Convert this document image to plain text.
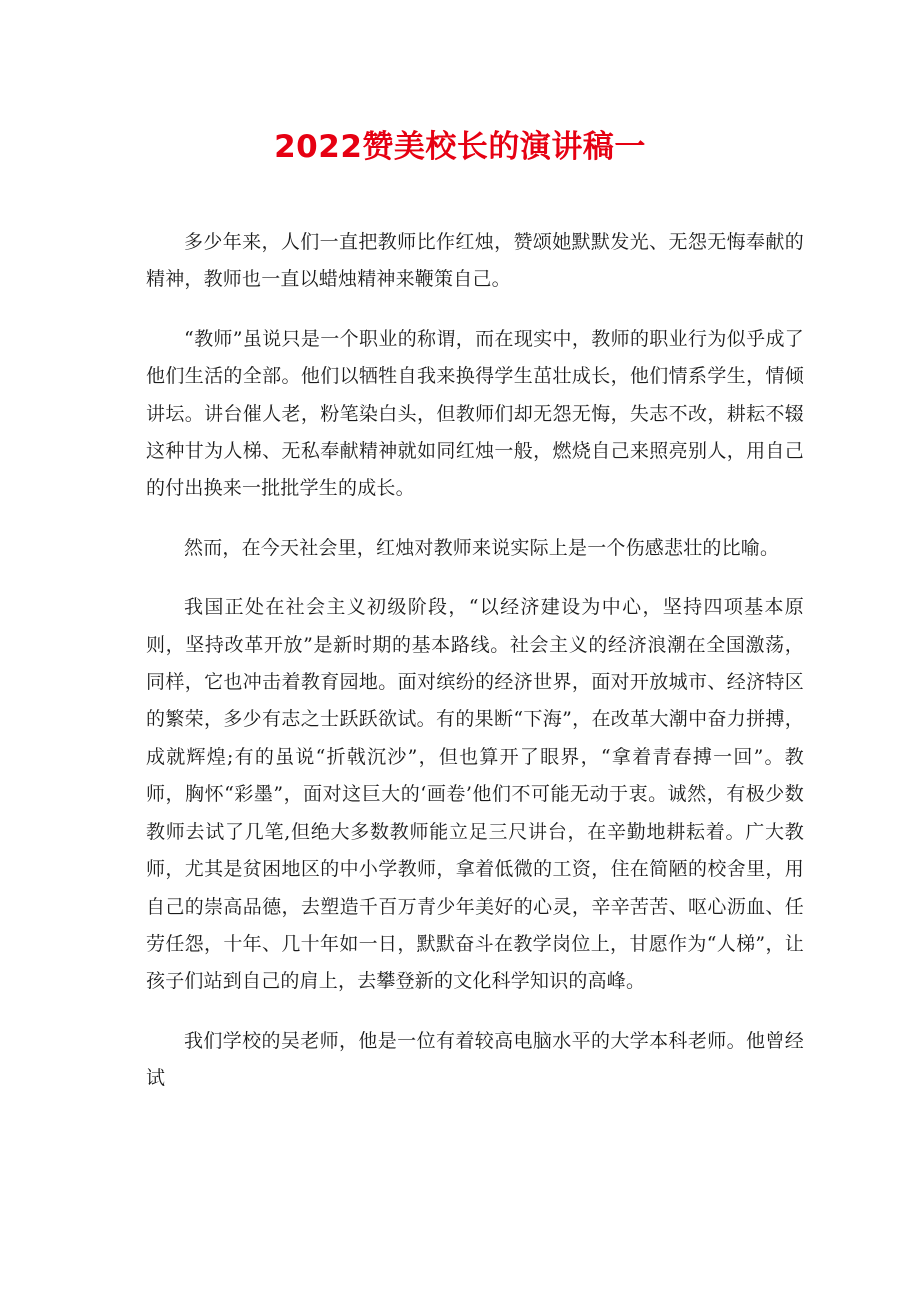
2022赞美校长的演讲稿一

多少年来，人们一直把教师比作红烛，赞颂她默默发光、无怨无悔奉献的精神，教师也一直以蜡烛精神来鞭策自己。

“教师”虽说只是一个职业的称谓，而在现实中，教师的职业行为似乎成了他们生活的全部。他们以牺牲自我来换得学生茁壮成长，他们情系学生，情倾讲坛。讲台催人老，粉笔染白头，但教师们却无怨无悔，失志不改，耕耘不辍这种甘为人梯、无私奉献精神就如同红烛一般，燃烧自己来照亮别人，用自己的付出换来一批批学生的成长。

然而，在今天社会里，红烛对教师来说实际上是一个伤感悲壮的比喻。

我国正处在社会主义初级阶段，“以经济建设为中心，坚持四项基本原则，坚持改革开放”是新时期的基本路线。社会主义的经济浪潮在全国激荡，同样，它也冲击着教育园地。面对缤纷的经济世界，面对开放城市、经济特区的繁荣，多少有志之士跃跃欲试。有的果断“下海”，在改革大潮中奋力拼搏，成就辉煌;有的虽说“折戟沉沙”，但也算开了眼界，“拿着青春搏一回”。教师，胸怀“彩墨”，面对这巨大的‘画卷’他们不可能无动于衷。诚然，有极少数教师去试了几笔,但绝大多数教师能立足三尺讲台，在辛勤地耕耘着。广大教师，尤其是贫困地区的中小学教师，拿着低微的工资，住在简陋的校舍里，用自己的崇高品德，去塑造千百万青少年美好的心灵，辛辛苦苦、呕心沥血、任劳任怨，十年、几十年如一日，默默奋斗在教学岗位上，甘愿作为“人梯”，让孩子们站到自己的肩上，去攀登新的文化科学知识的高峰。

我们学校的吴老师，他是一位有着较高电脑水平的大学本科老师。他曾经试
